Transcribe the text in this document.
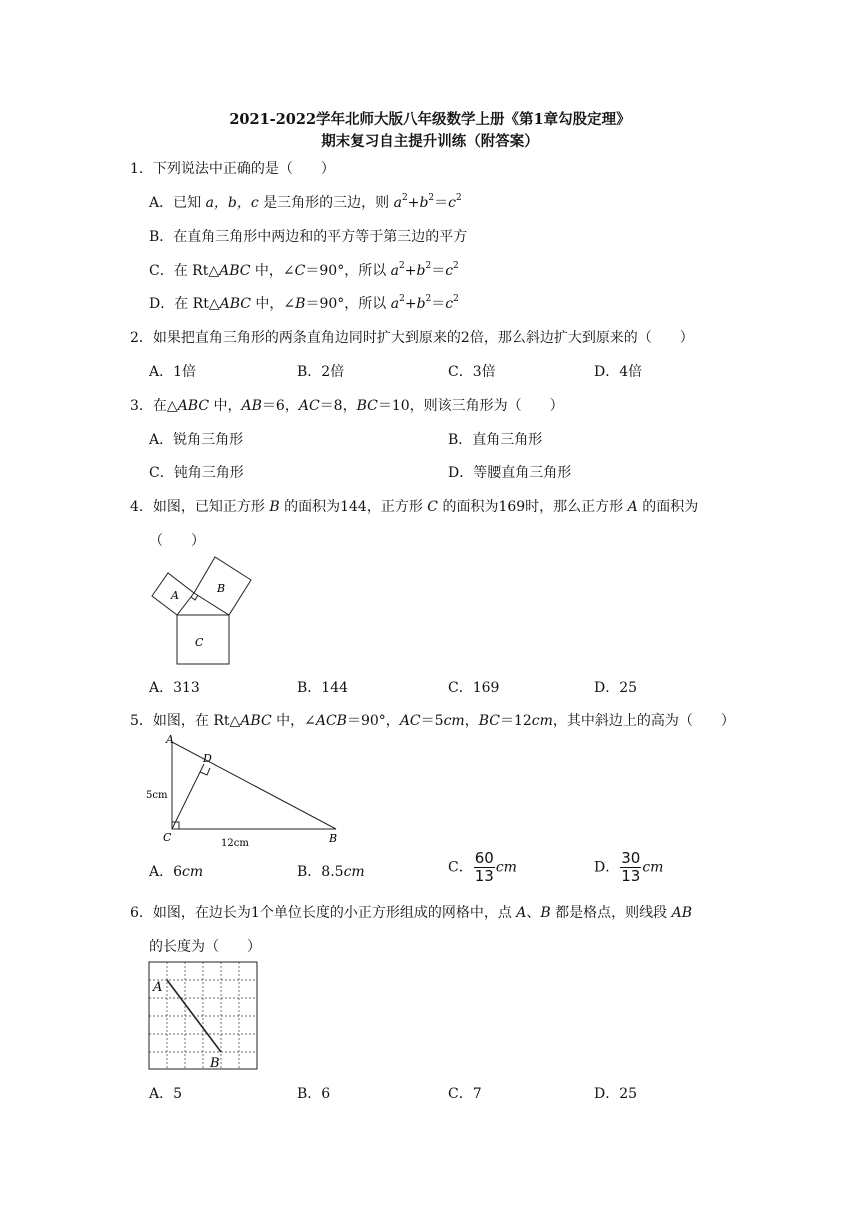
2021-2022学年北师大版八年级数学上册《第1章勾股定理》
期末复习自主提升训练（附答案）
1．下列说法中正确的是（　　）
A．已知 a，b，c 是三角形的三边，则 $a^2+b^2=c^2$
B．在直角三角形中两边和的平方等于第三边的平方
C．在 Rt△ABC 中，∠C＝90°，所以 $a^2+b^2=c^2$
D．在 Rt△ABC 中，∠B＝90°，所以 $a^2+b^2=c^2$
2．如果把直角三角形的两条直角边同时扩大到原来的2倍，那么斜边扩大到原来的（　　）
A．1倍	B．2倍	C．3倍	D．4倍
3．在△ABC 中，AB＝6，AC＝8，BC＝10，则该三角形为（　　）
A．锐角三角形	B．直角三角形
C．钝角三角形	D．等腰直角三角形
4．如图，已知正方形 B 的面积为144，正方形 C 的面积为169时，那么正方形 A 的面积为
（　　）
A
B
C
A．313	B．144	C．169	D．25
5．如图，在 Rt△ABC 中，∠ACB＝90°，AC＝5cm，BC＝12cm，其中斜边上的高为（　　）
A
B
C
D
5cm
12cm
A．6cm	B．8.5cm	C． $\frac{60}{13}$ cm	D． $\frac{30}{13}$ cm
6．如图，在边长为1个单位长度的小正方形组成的网格中，点 A、B 都是格点，则线段 AB
的长度为（　　）
A
B
A．5	B．6	C．7	D．25
